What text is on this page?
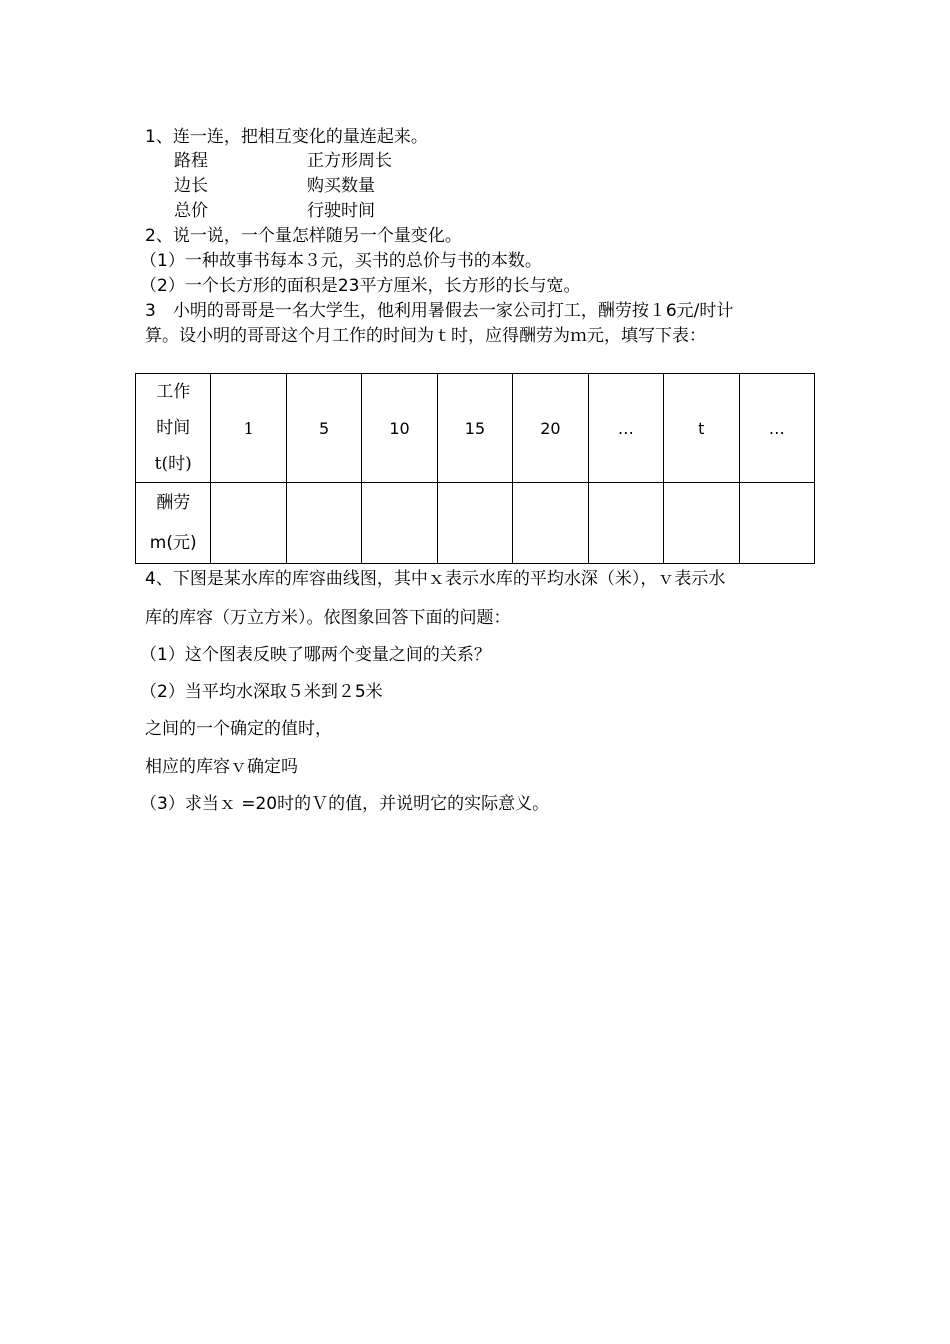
1、连一连，把相互变化的量连起来。
路程	正方形周长
边长	购买数量
总价	行驶时间
2、说一说，一个量怎样随另一个量变化。
（1）一种故事书每本３元，买书的总价与书的本数。
（2）一个长方形的面积是23平方厘米，长方形的长与宽。
3　小明的哥哥是一名大学生，他利用暑假去一家公司打工，酬劳按１6元/时计
算。设小明的哥哥这个月工作的时间为ｔ时，应得酬劳为ｍ元，填写下表：
工作
时间
t(时)	1	5	10	15	20	…	t	…

酬劳
m(元)								

4、下图是某水库的库容曲线图，其中ｘ表示水库的平均水深（米），ｖ表示水
库的库容（万立方米）。依图象回答下面的问题：
（1）这个图表反映了哪两个变量之间的关系？
（2）当平均水深取５米到２5米
之间的一个确定的值时，
相应的库容ｖ确定吗
（3）求当ｘ =20时的Ｖ的值，并说明它的实际意义。
